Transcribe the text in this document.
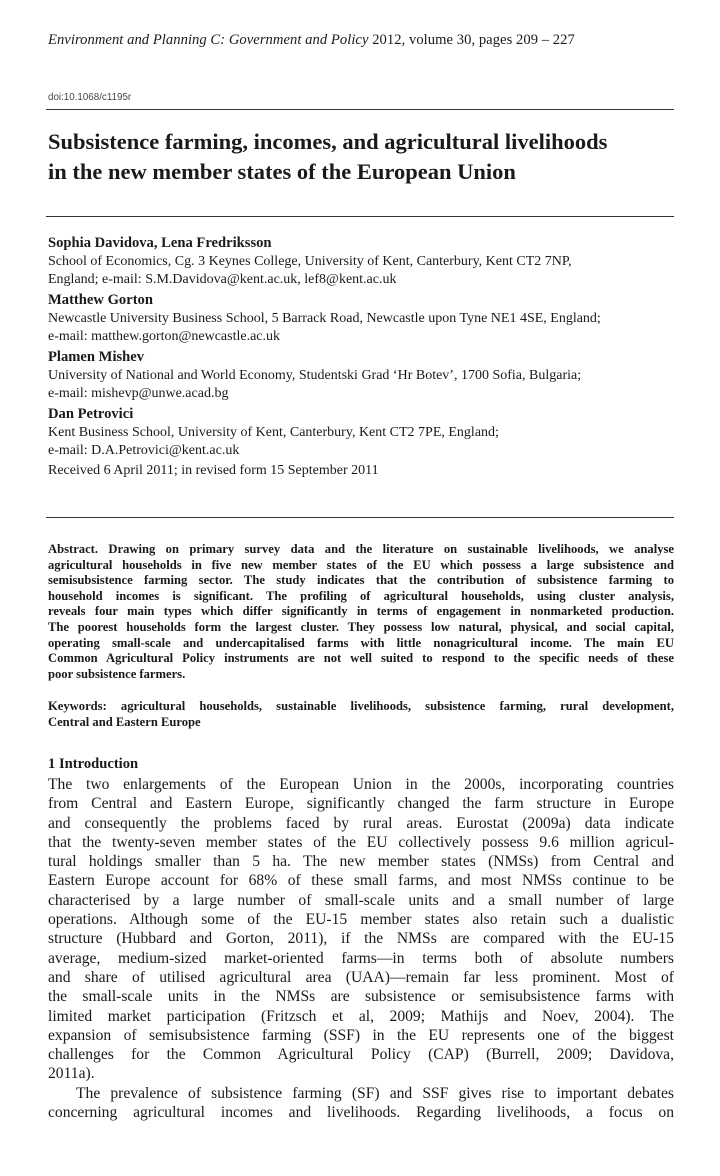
Environment and Planning C: Government and Policy 2012, volume 30, pages 209 – 227
doi:10.1068/c1195r
Subsistence farming, incomes, and agricultural livelihoods
in the new member states of the European Union
Sophia Davidova, Lena Fredriksson
School of Economics, Cg. 3 Keynes College, University of Kent, Canterbury, Kent CT2 7NP,
England; e-mail: S.M.Davidova@kent.ac.uk, lef8@kent.ac.uk
Matthew Gorton
Newcastle University Business School, 5 Barrack Road, Newcastle upon Tyne NE1 4SE, England;
e-mail: matthew.gorton@newcastle.ac.uk
Plamen Mishev
University of National and World Economy, Studentski Grad ‘Hr Botev’, 1700 Sofia, Bulgaria;
e-mail: mishevp@unwe.acad.bg
Dan Petrovici
Kent Business School, University of Kent, Canterbury, Kent CT2 7PE, England;
e-mail: D.A.Petrovici@kent.ac.uk
Received 6 April 2011; in revised form 15 September 2011
Abstract. Drawing on primary survey data and the literature on sustainable livelihoods, we analyse
agricultural households in five new member states of the EU which possess a large subsistence and
semisubsistence farming sector. The study indicates that the contribution of subsistence farming to
household incomes is significant. The profiling of agricultural households, using cluster analysis,
reveals four main types which differ significantly in terms of engagement in nonmarketed production.
The poorest households form the largest cluster. They possess low natural, physical, and social capital,
operating small-scale and undercapitalised farms with little nonagricultural income. The main EU
Common Agricultural Policy instruments are not well suited to respond to the specific needs of these
poor subsistence farmers.
Keywords: agricultural households, sustainable livelihoods, subsistence farming, rural development,
Central and Eastern Europe
1 Introduction
The two enlargements of the European Union in the 2000s, incorporating countries
from Central and Eastern Europe, significantly changed the farm structure in Europe
and consequently the problems faced by rural areas. Eurostat (2009a) data indicate
that the twenty-seven member states of the EU collectively possess 9.6 million agricul-
tural holdings smaller than 5 ha. The new member states (NMSs) from Central and
Eastern Europe account for 68% of these small farms, and most NMSs continue to be
characterised by a large number of small-scale units and a small number of large
operations. Although some of the EU-15 member states also retain such a dualistic
structure (Hubbard and Gorton, 2011), if the NMSs are compared with the EU-15
average, medium-sized market-oriented farms—in terms both of absolute numbers
and share of utilised agricultural area (UAA)—remain far less prominent. Most of
the small-scale units in the NMSs are subsistence or semisubsistence farms with
limited market participation (Fritzsch et al, 2009; Mathijs and Noev, 2004). The
expansion of semisubsistence farming (SSF) in the EU represents one of the biggest
challenges for the Common Agricultural Policy (CAP) (Burrell, 2009; Davidova,
2011a).
The prevalence of subsistence farming (SF) and SSF gives rise to important debates
concerning agricultural incomes and livelihoods. Regarding livelihoods, a focus on
